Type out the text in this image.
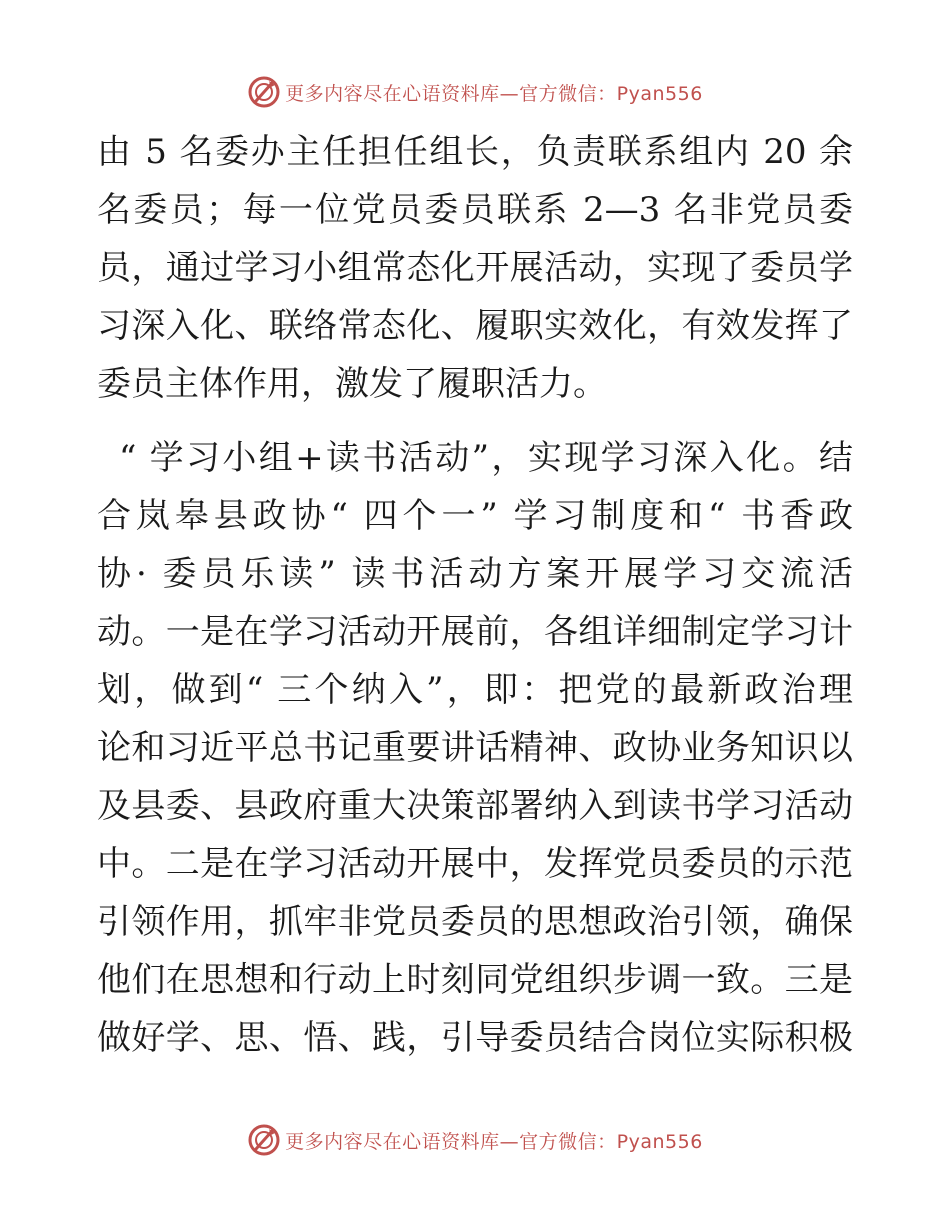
更多内容尽在心语资料库—官方微信：Pyan556
由 5 名委办主任担任组长，负责联系组内 20 余
名委员；每一位党员委员联系 2—3 名非党员委
员，通过学习小组常态化开展活动，实现了委员学
习深入化、联络常态化、履职实效化，有效发挥了
委员主体作用，激发了履职活力。
“ 学习小组+读书活动”，实现学习深入化。结
合岚皋县政协“ 四个一” 学习制度和“ 书香政
协· 委员乐读” 读书活动方案开展学习交流活
动。一是在学习活动开展前，各组详细制定学习计
划，做到“ 三个纳入”，即：把党的最新政治理
论和习近平总书记重要讲话精神、政协业务知识以
及县委、县政府重大决策部署纳入到读书学习活动
中。二是在学习活动开展中，发挥党员委员的示范
引领作用，抓牢非党员委员的思想政治引领，确保
他们在思想和行动上时刻同党组织步调一致。三是
做好学、思、悟、践，引导委员结合岗位实际积极
更多内容尽在心语资料库—官方微信：Pyan556
